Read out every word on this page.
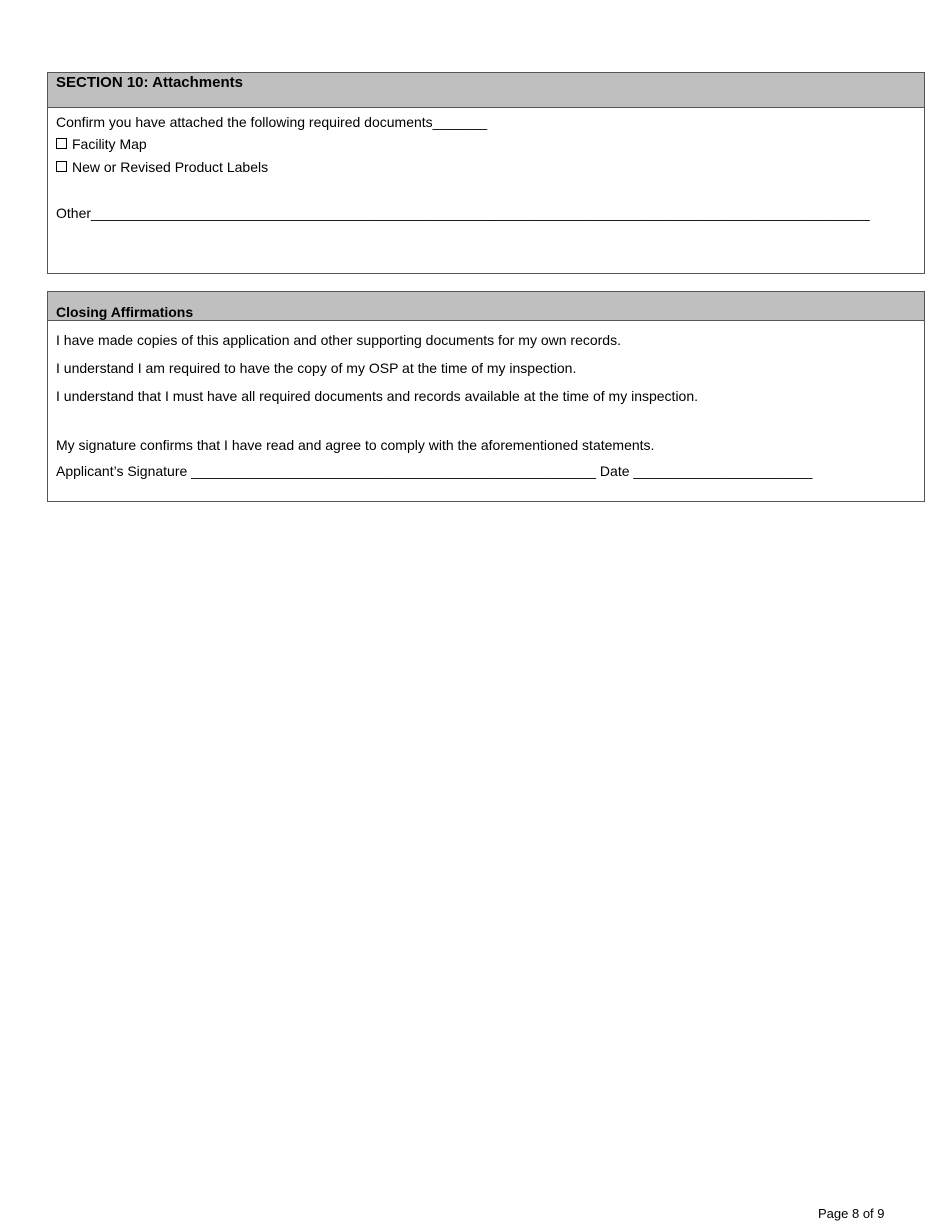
SECTION 10: Attachments
Confirm you have attached the following required documents_______
Facility Map
New or Revised Product Labels
Other____________________________________________________________________________________________________
Closing Affirmations
I have made copies of this application and other supporting documents for my own records.
I understand I am required to have the copy of my OSP at the time of my inspection.
I understand that I must have all required documents and records available at the time of my inspection.
My signature confirms that I have read and agree to comply with the aforementioned statements.
Applicant’s Signature ____________________________________________________ Date _______________________
Page 8 of 9
